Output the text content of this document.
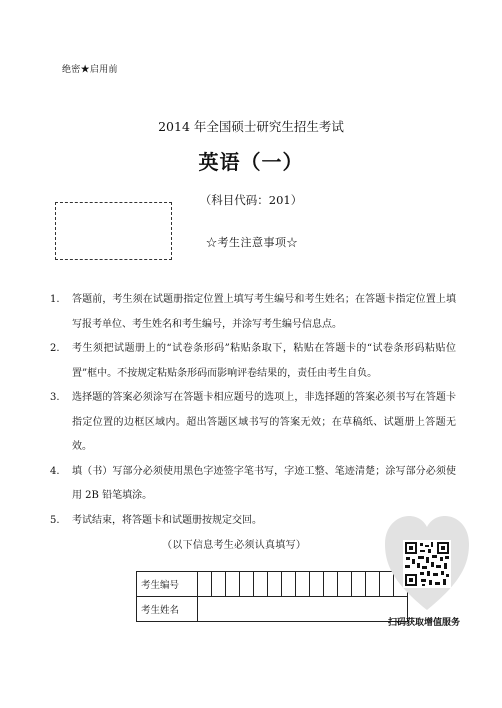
绝密★启用前
2014 年全国硕士研究生招生考试
英语（一）
（科目代码：201）
☆考生注意事项☆
1.	答题前，考生须在试题册指定位置上填写考生编号和考生姓名；在答题卡指定位置上填写报考单位、考生姓名和考生编号，并涂写考生编号信息点。
2.	考生须把试题册上的“试卷条形码”粘贴条取下，粘贴在答题卡的“试卷条形码粘贴位置”框中。不按规定粘贴条形码而影响评卷结果的，责任由考生自负。
3.	选择题的答案必须涂写在答题卡相应题号的选项上，非选择题的答案必须书写在答题卡指定位置的边框区域内。超出答题区域书写的答案无效；在草稿纸、试题册上答题无效。
4.	填（书）写部分必须使用黑色字迹签字笔书写，字迹工整、笔迹清楚；涂写部分必须使用 2B 铅笔填涂。
5.	考试结束，将答题卡和试题册按规定交回。
（以下信息考生必须认真填写）
考生编号															
考生姓名															
扫码获取增值服务
